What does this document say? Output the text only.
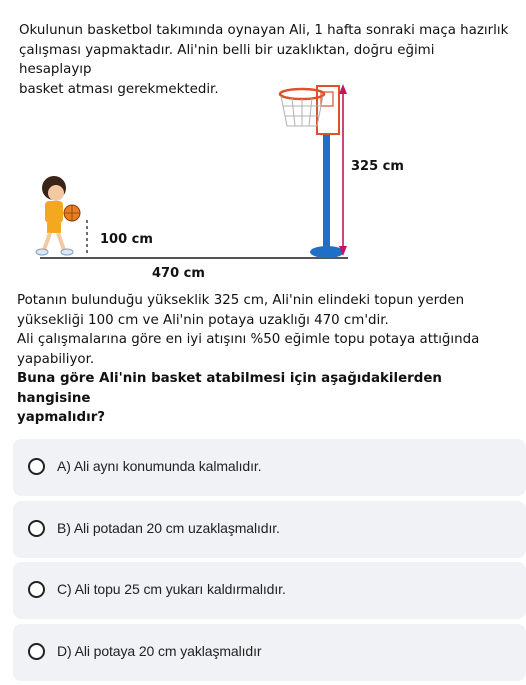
Okulunun basketbol takımında oynayan Ali, 1 hafta sonraki maça hazırlık
çalışması yapmaktadır. Ali'nin belli bir uzaklıktan, doğru eğimi hesaplayıp
basket atması gerekmektedir.
100 cm
470 cm
325 cm

Potanın bulunduğu yükseklik 325 cm, Ali'nin elindeki topun yerden

yüksekliği 100 cm ve Ali'nin potaya uzaklığı 470 cm'dir.

Ali çalışmalarına göre en iyi atışını %50 eğimle topu potaya attığında

yapabiliyor.

Buna göre Ali'nin basket atabilmesi için aşağıdakilerden hangisine

yapmalıdır?

A) Ali aynı konumunda kalmalıdır.
B) Ali potadan 20 cm uzaklaşmalıdır.
C) Ali topu 25 cm yukarı kaldırmalıdır.
D) Ali potaya 20 cm yaklaşmalıdır
